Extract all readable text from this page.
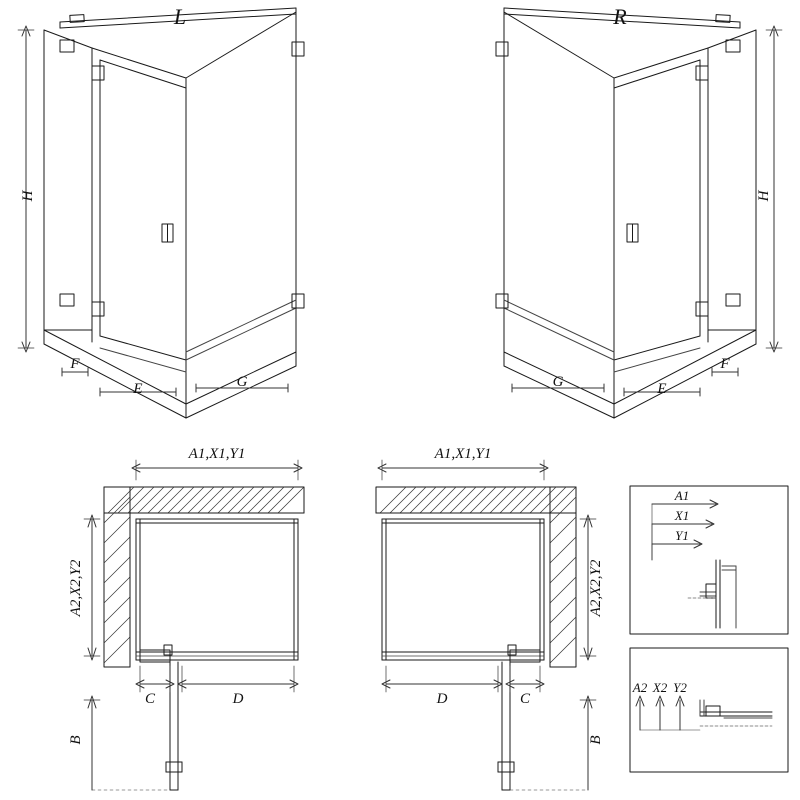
L	R
H	H
F
E	G
F
E
G
A1,X1,Y1
A2,X2,Y2
C	D
B
A1,X1,Y1
A2,X2,Y2
D	C
B
A1
X1
Y1
A2 X2 Y2
